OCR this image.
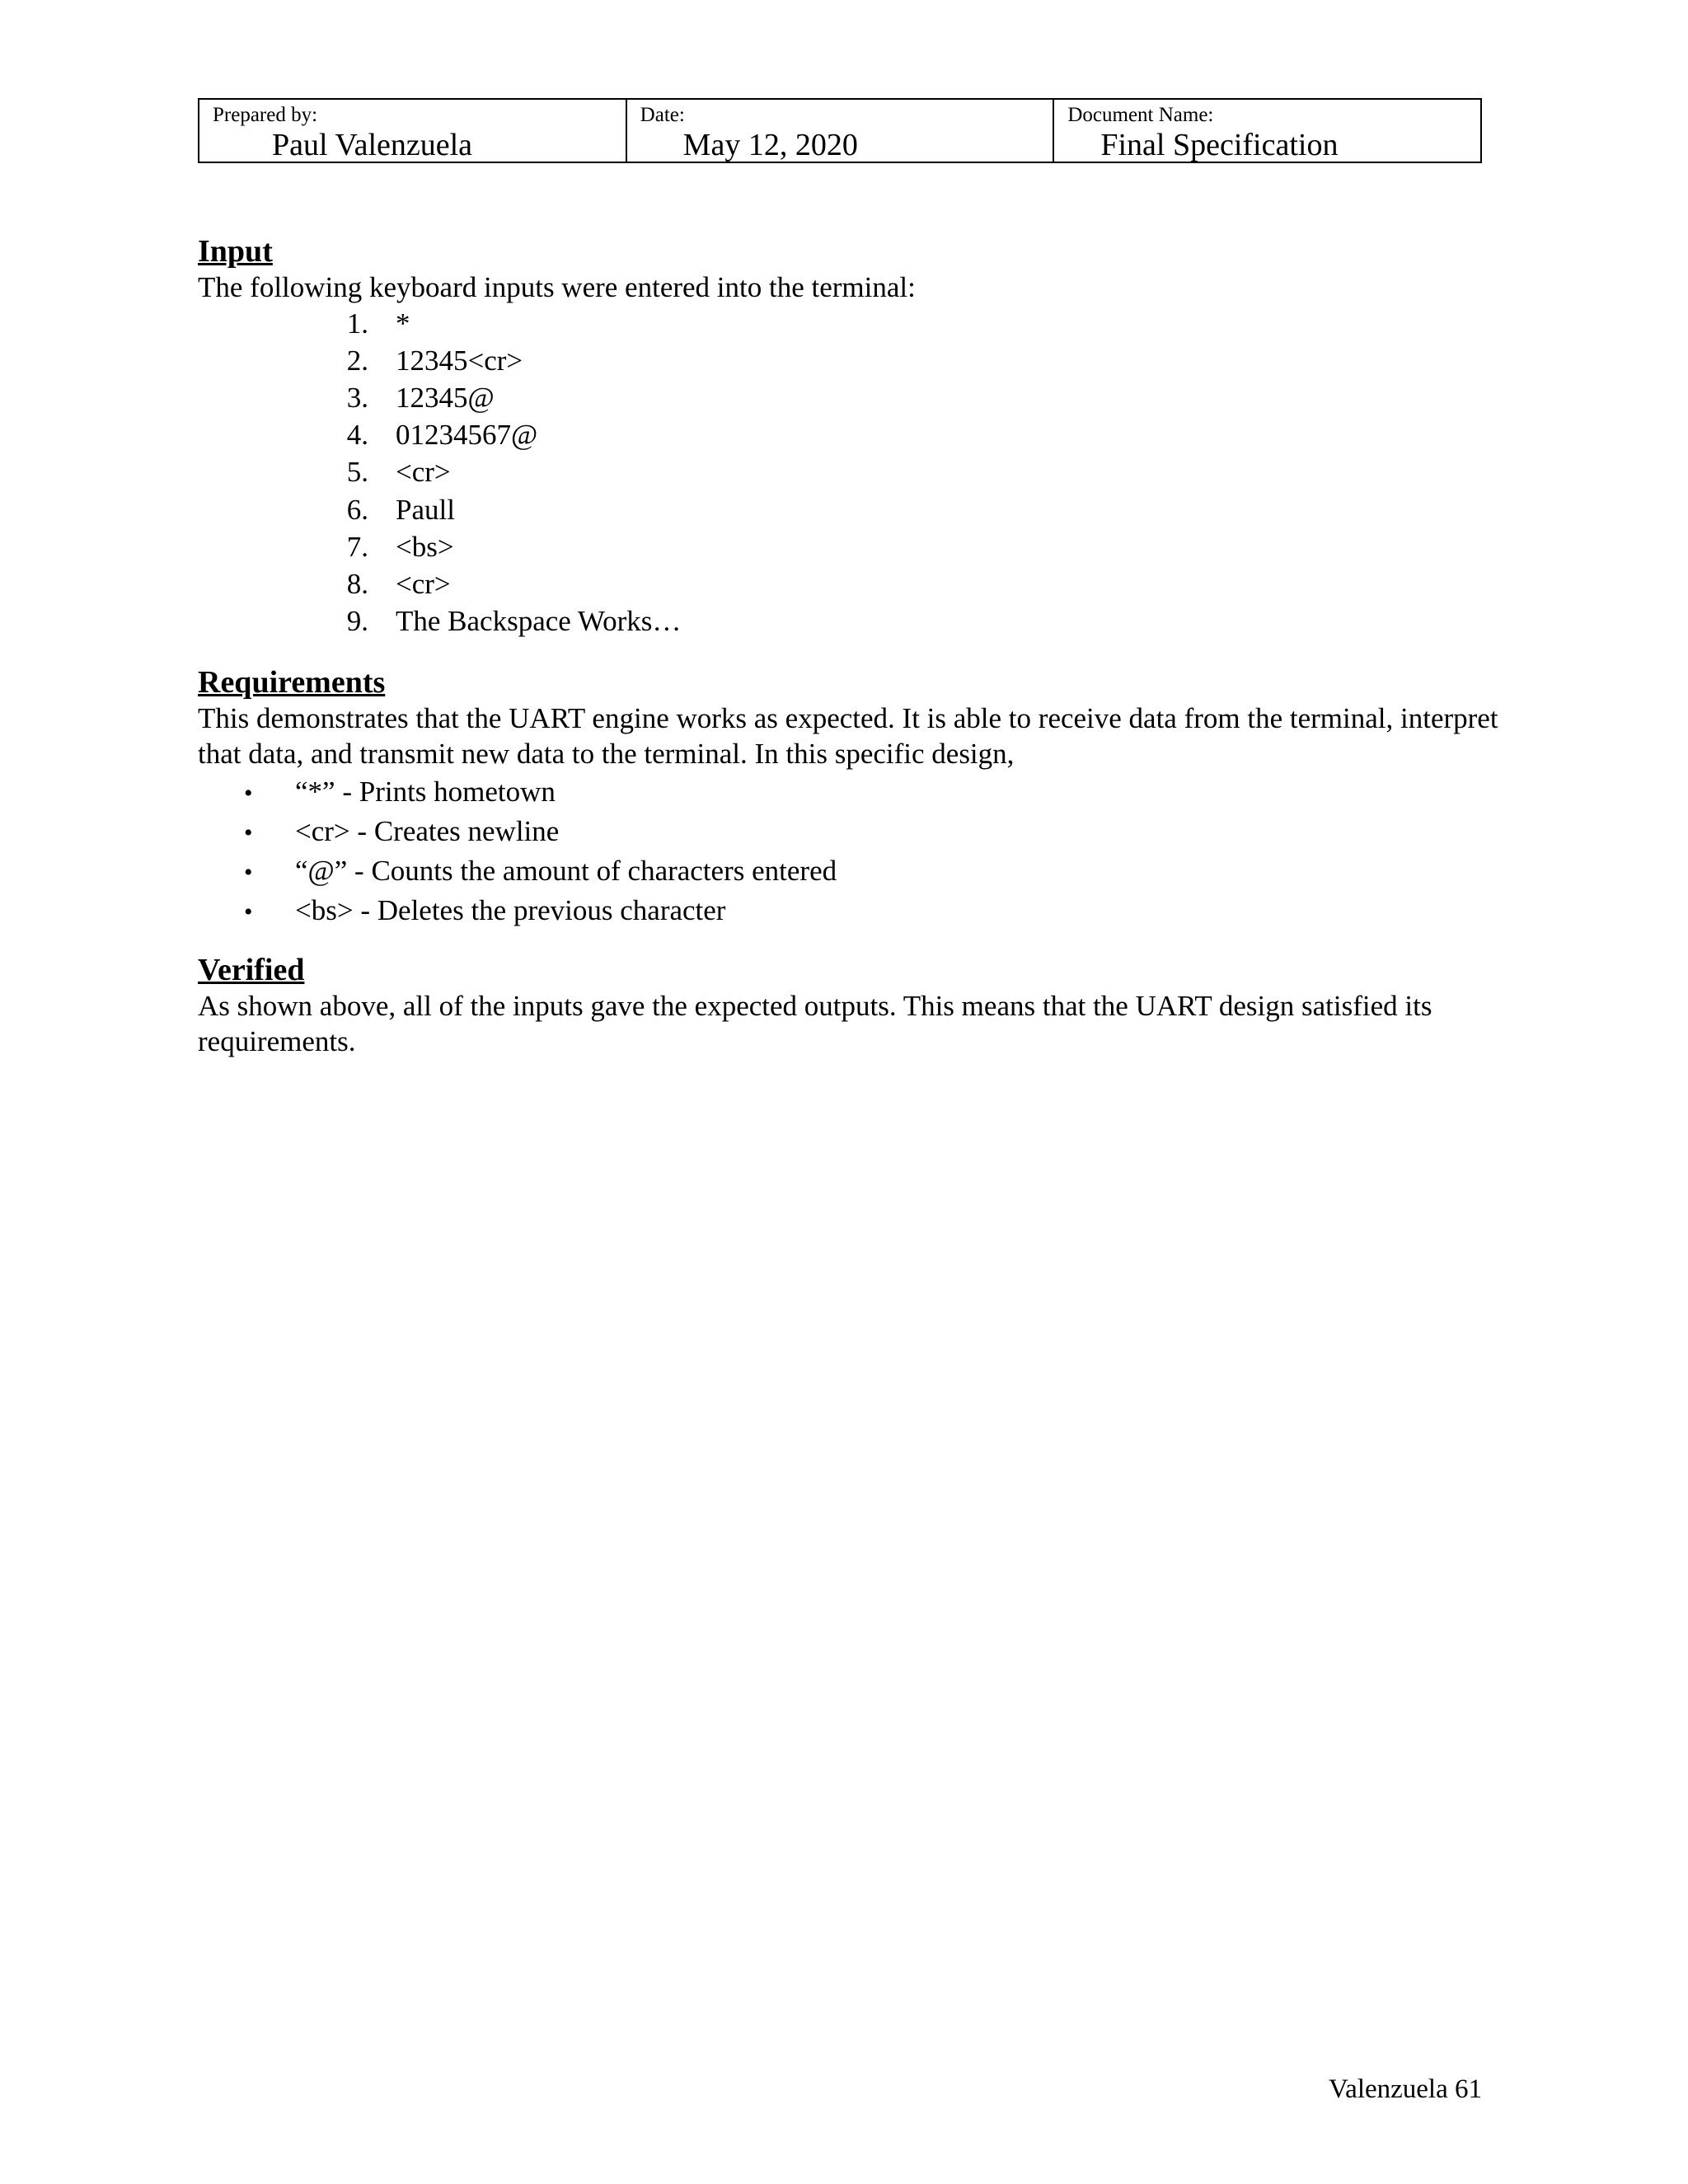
Prepared by:
Paul Valenzuela
Date:
May 12, 2020
Document Name:
Final Specification
Input
The following keyboard inputs were entered into the terminal:
1. *
2. 12345<cr>
3. 12345@
4. 01234567@
5. <cr>
6. Paull
7. <bs>
8. <cr>
9. The Backspace Works…
Requirements
This demonstrates that the UART engine works as expected. It is able to receive data from the terminal, interpret that data, and transmit new data to the terminal. In this specific design,
• “*” - Prints hometown
• <cr> - Creates newline
• “@” - Counts the amount of characters entered
• <bs> - Deletes the previous character
Verified
As shown above, all of the inputs gave the expected outputs. This means that the UART design satisfied its requirements.
Valenzuela 61
